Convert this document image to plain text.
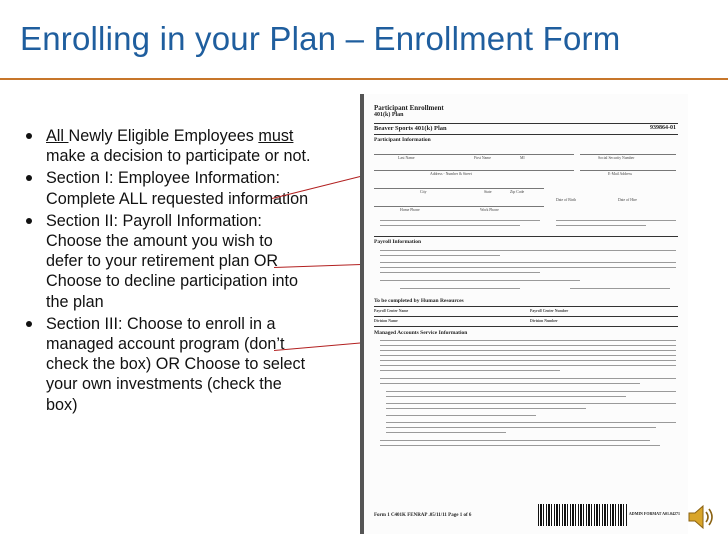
Enrolling in your Plan – Enrollment Form
All Newly Eligible Employees must make a decision to participate or not.
Section I: Employee Information: Complete ALL requested information
Section II: Payroll Information: Choose the amount you wish to defer to your retirement plan OR Choose to decline participation into the plan
Section III: Choose to enroll in a managed account program (don’t check the box) OR Choose to select your own investments (check the box)
Participant Enrollment
401(k) Plan
Beaver Sports 401(k) Plan	939864-01
Participant Information
Last Name	First Name	MI	Social Security Number
Address - Number & Street	E-Mail Address
City	State	Zip Code
Date of Birth	Date of Hire
Home Phone	Work Phone
Payroll Information
To be completed by Human Resources
Payroll Center Name	Payroll Center Number
Division Name	Division Number
Managed Accounts Service Information
Form 1 C401K FENRAP .05/11/11 Page 1 of 6	ADMIN FORMAT A01.04271
